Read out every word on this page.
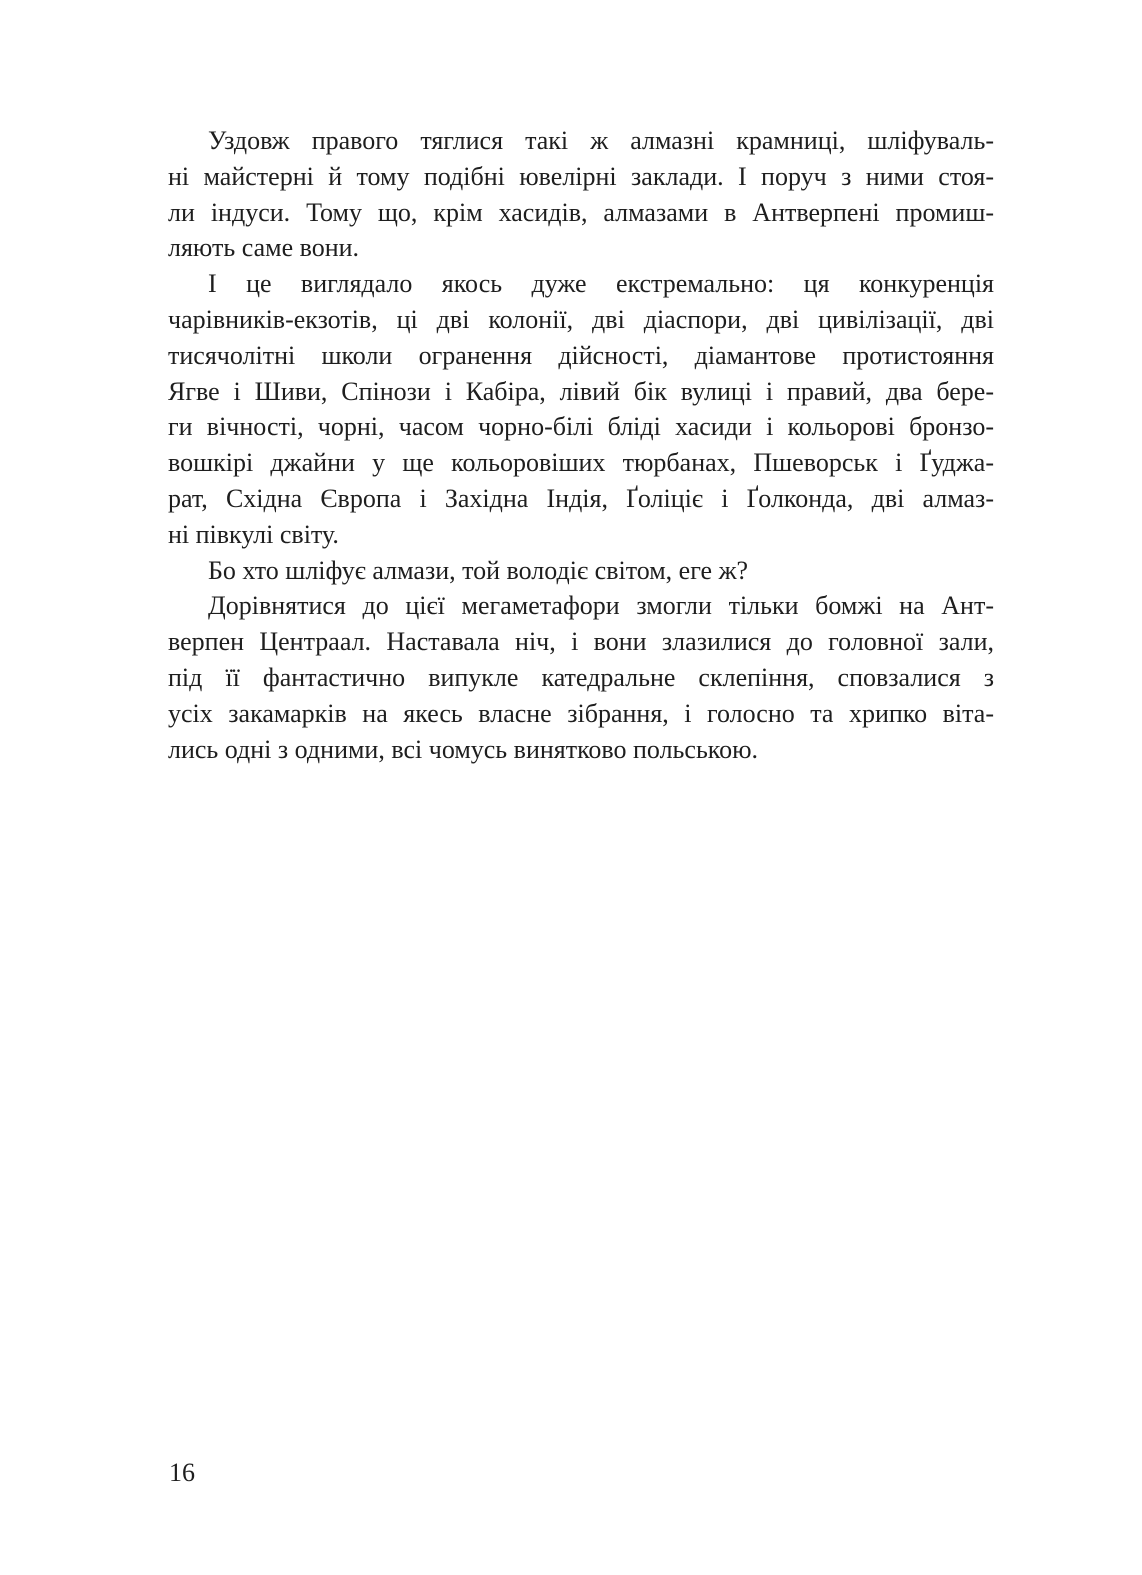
Уздовж правого тяглися такі ж алмазні крамниці, шліфуваль-
ні майстерні й тому подібні ювелірні заклади. І поруч з ними стоя-
ли індуси. Тому що, крім хасидів, алмазами в Антверпені промиш-
ляють саме вони.
І це виглядало якось дуже екстремально: ця конкуренція
чарівників-екзотів, ці дві колонії, дві діаспори, дві цивілізації, дві
тисячолітні школи огранення дійсності, діамантове протистояння
Ягве і Шиви, Спінози і Кабіра, лівий бік вулиці і правий, два бере-
ги вічності, чорні, часом чорно-білі бліді хасиди і кольорові бронзо-
вошкірі джайни у ще кольоровіших тюрбанах, Пшеворськ і Ґуджа-
рат, Східна Європа і Західна Індія, Ґоліціє і Ґолконда, дві алмаз-
ні півкулі світу.
Бо хто шліфує алмази, той володіє світом, еге ж?
Дорівнятися до цієї мегаметафори змогли тільки бомжі на Ант-
верпен Центраал. Наставала ніч, і вони злазилися до головної зали,
під її фантастично випукле катедральне склепіння, сповзалися з
усіх закамарків на якесь власне зібрання, і голосно та хрипко віта-
лись одні з одними, всі чомусь винятково польською.
16
